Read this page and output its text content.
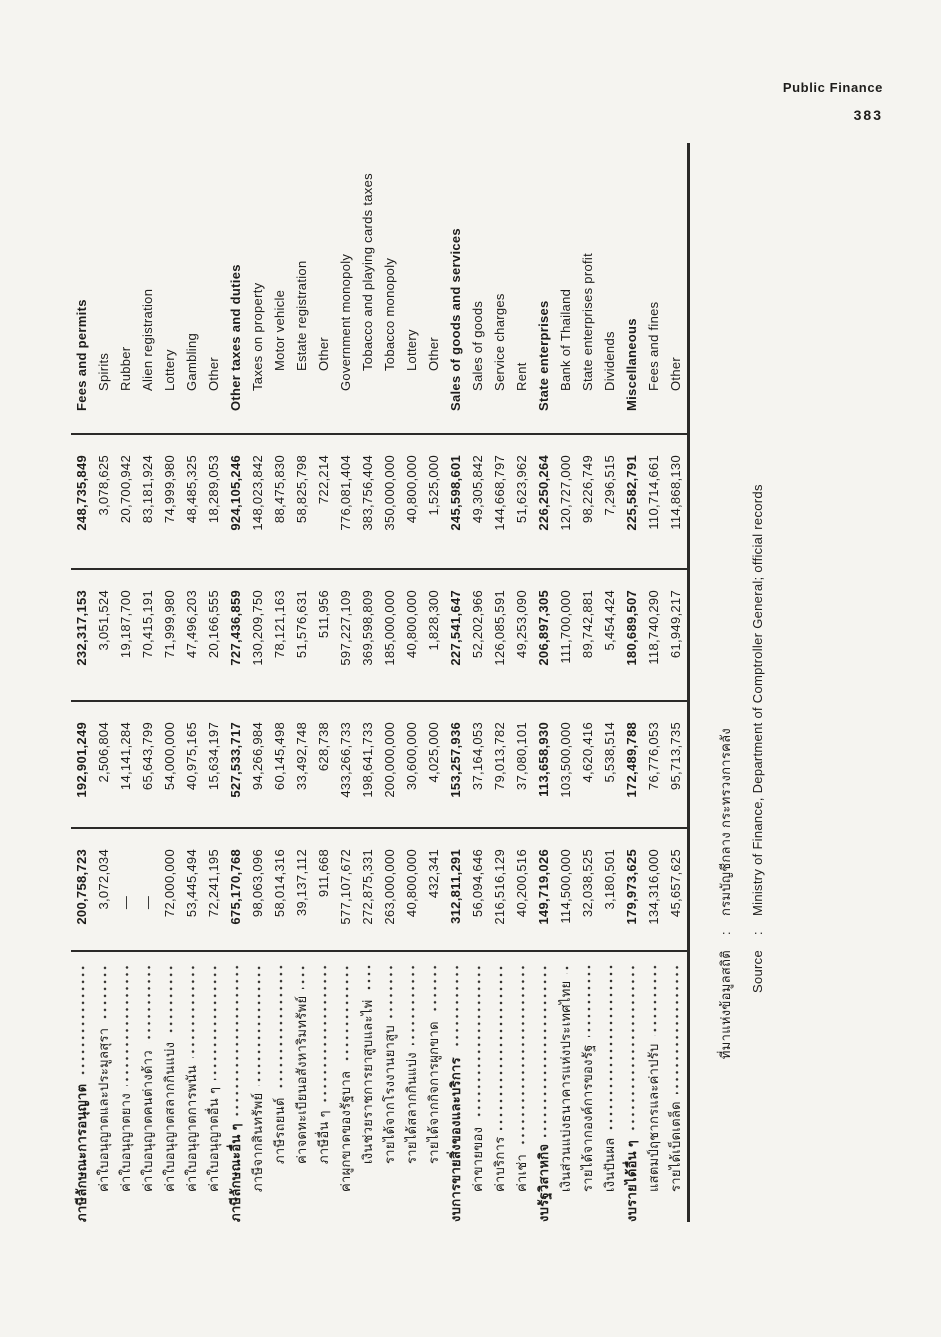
Public Finance
383
ภาษีลักษณะการอนุญาต
200,758,723
192,901,249
232,317,153
248,735,849
Fees and permits
ค่าใบอนุญาตและประมูลสุรา
3,072,034
2,506,804
3,051,524
3,078,625
Spirits
ค่าใบอนุญาตยาง
—
14,141,284
19,187,700
20,700,942
Rubber
ค่าใบอนุญาตคนต่างด้าว
—
65,643,799
70,415,191
83,181,924
Alien registration
ค่าใบอนุญาตสลากกินแบ่ง
72,000,000
54,000,000
71,999,980
74,999,980
Lottery
ค่าใบอนุญาตการพนัน
53,445,494
40,975,165
47,496,203
48,485,325
Gambling
ค่าใบอนุญาตอื่น ๆ
72,241,195
15,634,197
20,166,555
18,289,053
Other
ภาษีลักษณะอื่น ๆ
675,170,768
527,533,717
727,436,859
924,105,246
Other taxes and duties
ภาษีจากสินทรัพย์
98,063,096
94,266,984
130,209,750
148,023,842
Taxes on property
ภาษีรถยนต์
58,014,316
60,145,498
78,121,163
88,475,830
Motor vehicle
ค่าจดทะเบียนอสังหาริมทรัพย์
39,137,112
33,492,748
51,576,631
58,825,798
Estate registration
ภาษีอื่น ๆ
911,668
628,738
511,956
722,214
Other
ค่าผูกขาดของรัฐบาล
577,107,672
433,266,733
597,227,109
776,081,404
Government monopoly
เงินช่วยราชการยาสูบและไพ่
272,875,331
198,641,733
369,598,809
383,756,404
Tobacco and playing cards taxes
รายได้จากโรงงานยาสูบ
263,000,000
200,000,000
185,000,000
350,000,000
Tobacco monopoly
รายได้สลากกินแบ่ง
40,800,000
30,600,000
40,800,000
40,800,000
Lottery
รายได้จากกิจการผูกขาด
432,341
4,025,000
1,828,300
1,525,000
Other
งบการขายสิ่งของและบริการ
312,811,291
153,257,936
227,541,647
245,598,601
Sales of goods and services
ค่าขายของ
56,094,646
37,164,053
52,202,966
49,305,842
Sales of goods
ค่าบริการ
216,516,129
79,013,782
126,085,591
144,668,797
Service charges
ค่าเช่า
40,200,516
37,080,101
49,253,090
51,623,962
Rent
งบรัฐวิสาหกิจ
149,719,026
113,658,930
206,897,305
226,250,264
State enterprises
เงินส่วนแบ่งธนาคารแห่งประเทศไทย
114,500,000
103,500,000
111,700,000
120,727,000
Bank of Thailand
รายได้จากองค์การของรัฐ
32,038,525
4,620,416
89,742,881
98,226,749
State enterprises profit
เงินปันผล
3,180,501
5,538,514
5,454,424
7,296,515
Dividends
งบรายได้อื่น ๆ
179,973,625
172,489,788
180,689,507
225,582,791
Miscellaneous
แสตมป์ฤชากรและค่าปรับ
134,316,000
76,776,053
118,740,290
110,714,661
Fees and fines
รายได้เบ็ดเตล็ด
45,657,625
95,713,735
61,949,217
114,868,130
Other
ที่มาแห่งข้อมูลสถิติ
:
กรมบัญชีกลาง กระทรวงการคลัง
Source
:
Ministry of Finance, Department of Comptroller General; official records
